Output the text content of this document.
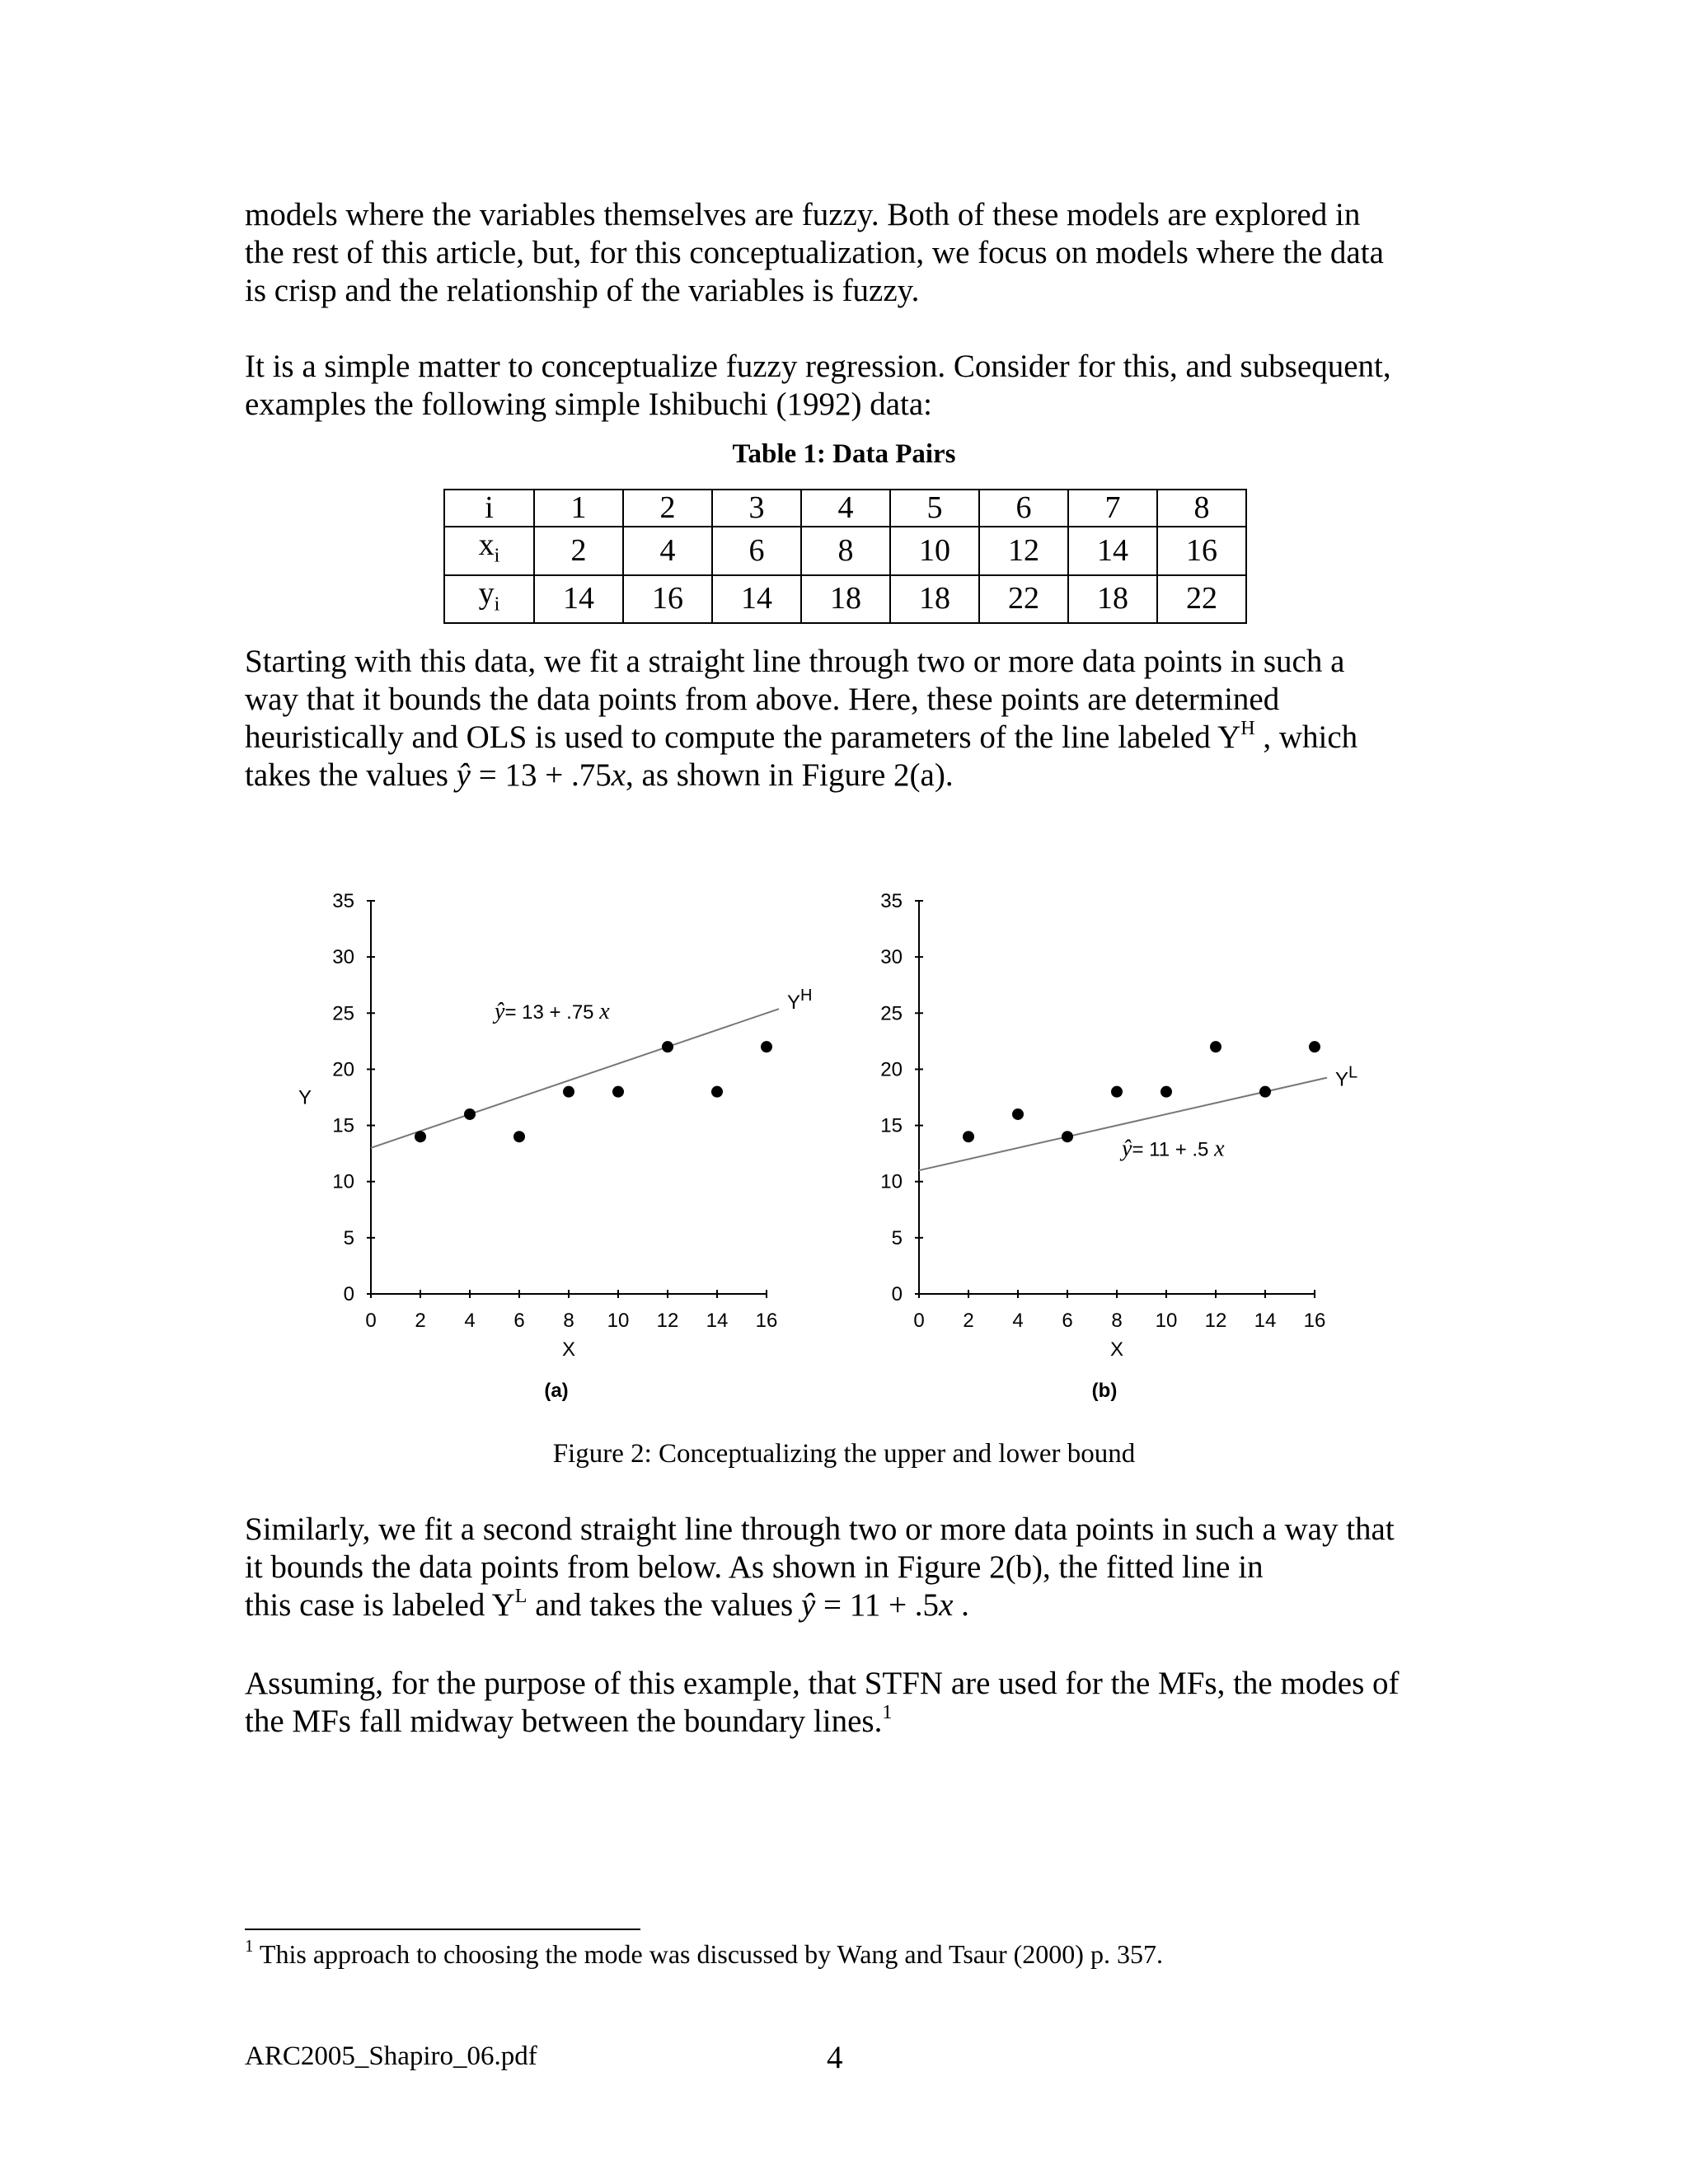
models where the variables themselves are fuzzy. Both of these models are explored in
the rest of this article, but, for this conceptualization, we focus on models where the data
is crisp and the relationship of the variables is fuzzy.
It is a simple matter to conceptualize fuzzy regression. Consider for this, and subsequent,
examples the following simple Ishibuchi (1992) data:
Table 1: Data Pairs
i	1	2	3	4	5	6	7	8
$x_i$	2	4	6	8	10	12	14	16
$y_i$	14	16	14	18	18	22	18	22
Starting with this data, we fit a straight line through two or more data points in such a
way that it bounds the data points from above. Here, these points are determined
heuristically and OLS is used to compute the parameters of the line labeled $Y^H$ , which
takes the values ŷ = 13 + .75x, as shown in Figure 2(a).
0
5
10
15
20
25
30
35
0 2 4 6 8 10 12 14 16
X
Y
(a)
$Y^H$
ŷ= 13 + .75 x
0
5
10
15
20
25
30
35
0 2 4 6 8 10 12 14 16
X
(b)
$Y^L$
ŷ= 11 + .5 x
Figure 2: Conceptualizing the upper and lower bound
Similarly, we fit a second straight line through two or more data points in such a way that
it bounds the data points from below. As shown in Figure 2(b), the fitted line in
this case is labeled $Y^L$ and takes the values ŷ = 11 + .5x .
Assuming, for the purpose of this example, that STFN are used for the MFs, the modes of
the MFs fall midway between the boundary lines.$^1$
$^1$ This approach to choosing the mode was discussed by Wang and Tsaur (2000) p. 357.
ARC2005_Shapiro_06.pdf	4
